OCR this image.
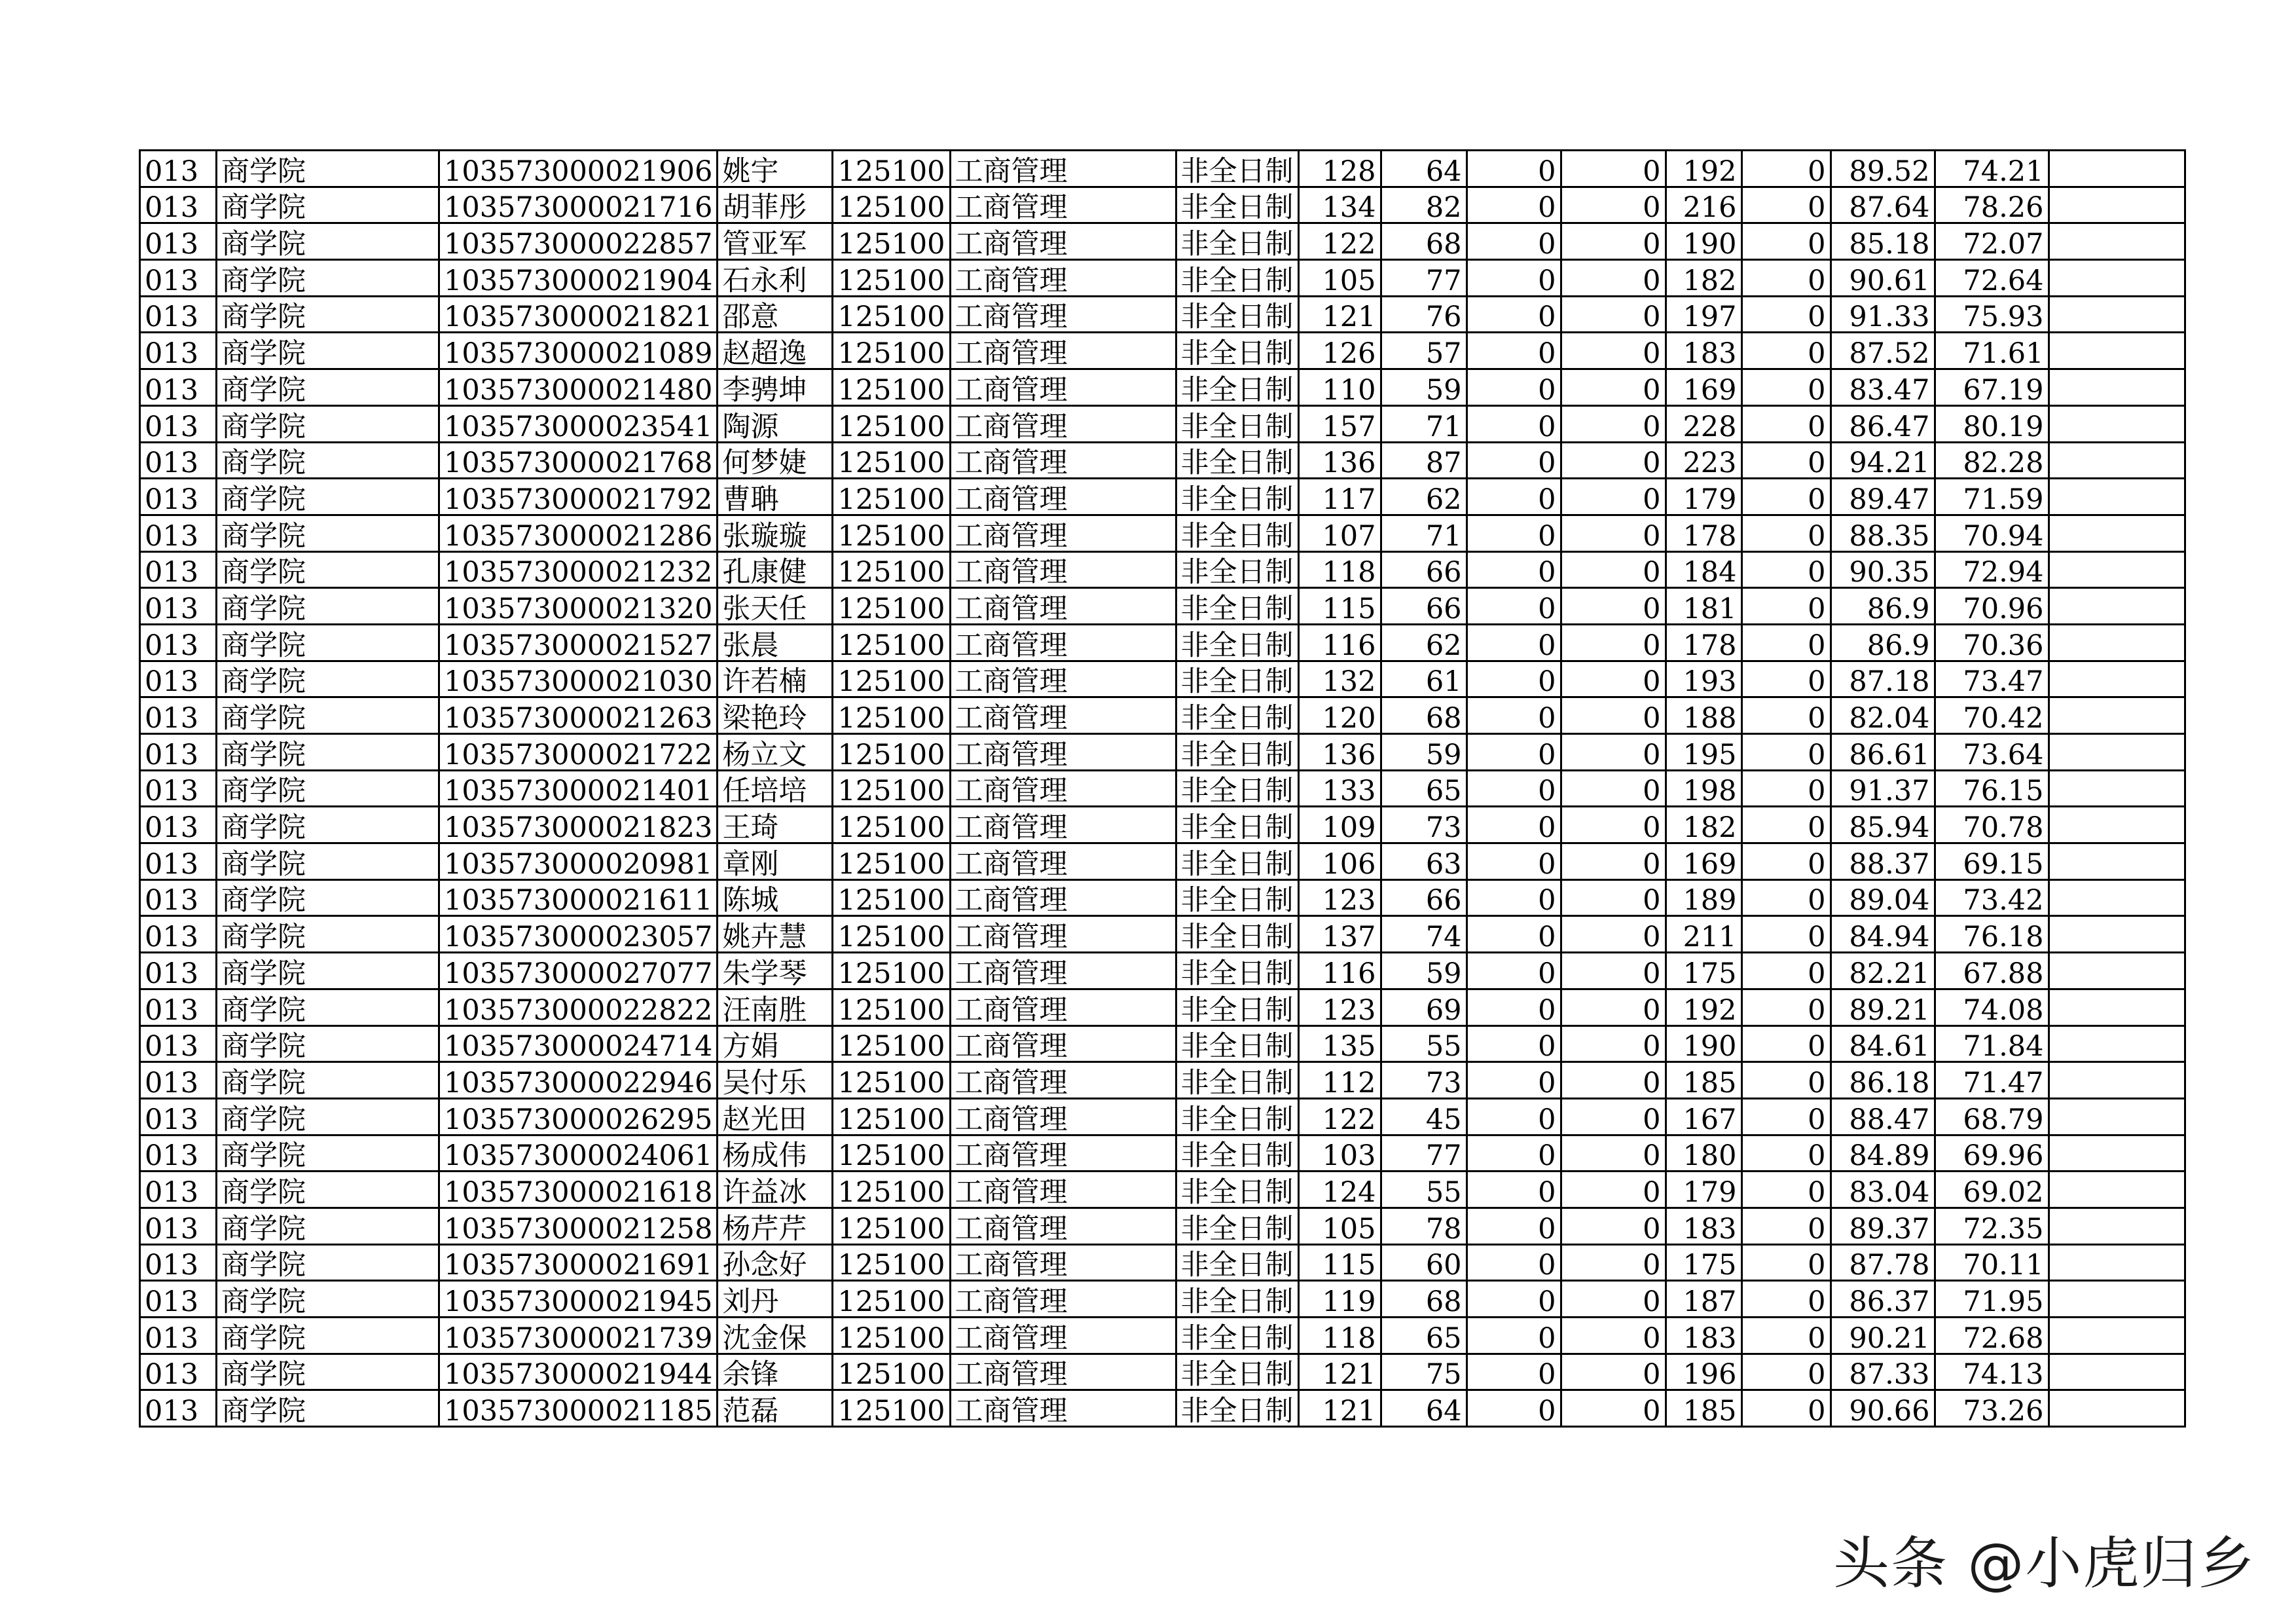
013	商学院	103573000021906	姚宇	125100	工商管理	非全日制	128	64	0	0	192	0	89.52	74.21	
013	商学院	103573000021716	胡菲彤	125100	工商管理	非全日制	134	82	0	0	216	0	87.64	78.26	
013	商学院	103573000022857	管亚军	125100	工商管理	非全日制	122	68	0	0	190	0	85.18	72.07	
013	商学院	103573000021904	石永利	125100	工商管理	非全日制	105	77	0	0	182	0	90.61	72.64	
013	商学院	103573000021821	邵意	125100	工商管理	非全日制	121	76	0	0	197	0	91.33	75.93	
013	商学院	103573000021089	赵超逸	125100	工商管理	非全日制	126	57	0	0	183	0	87.52	71.61	
013	商学院	103573000021480	李骋坤	125100	工商管理	非全日制	110	59	0	0	169	0	83.47	67.19	
013	商学院	103573000023541	陶源	125100	工商管理	非全日制	157	71	0	0	228	0	86.47	80.19	
013	商学院	103573000021768	何梦婕	125100	工商管理	非全日制	136	87	0	0	223	0	94.21	82.28	
013	商学院	103573000021792	曹聃	125100	工商管理	非全日制	117	62	0	0	179	0	89.47	71.59	
013	商学院	103573000021286	张璇璇	125100	工商管理	非全日制	107	71	0	0	178	0	88.35	70.94	
013	商学院	103573000021232	孔康健	125100	工商管理	非全日制	118	66	0	0	184	0	90.35	72.94	
013	商学院	103573000021320	张天任	125100	工商管理	非全日制	115	66	0	0	181	0	86.9	70.96	
013	商学院	103573000021527	张晨	125100	工商管理	非全日制	116	62	0	0	178	0	86.9	70.36	
013	商学院	103573000021030	许若楠	125100	工商管理	非全日制	132	61	0	0	193	0	87.18	73.47	
013	商学院	103573000021263	梁艳玲	125100	工商管理	非全日制	120	68	0	0	188	0	82.04	70.42	
013	商学院	103573000021722	杨立文	125100	工商管理	非全日制	136	59	0	0	195	0	86.61	73.64	
013	商学院	103573000021401	任培培	125100	工商管理	非全日制	133	65	0	0	198	0	91.37	76.15	
013	商学院	103573000021823	王琦	125100	工商管理	非全日制	109	73	0	0	182	0	85.94	70.78	
013	商学院	103573000020981	章刚	125100	工商管理	非全日制	106	63	0	0	169	0	88.37	69.15	
013	商学院	103573000021611	陈城	125100	工商管理	非全日制	123	66	0	0	189	0	89.04	73.42	
013	商学院	103573000023057	姚卉慧	125100	工商管理	非全日制	137	74	0	0	211	0	84.94	76.18	
013	商学院	103573000027077	朱学琴	125100	工商管理	非全日制	116	59	0	0	175	0	82.21	67.88	
013	商学院	103573000022822	汪南胜	125100	工商管理	非全日制	123	69	0	0	192	0	89.21	74.08	
013	商学院	103573000024714	方娟	125100	工商管理	非全日制	135	55	0	0	190	0	84.61	71.84	
013	商学院	103573000022946	吴付乐	125100	工商管理	非全日制	112	73	0	0	185	0	86.18	71.47	
013	商学院	103573000026295	赵光田	125100	工商管理	非全日制	122	45	0	0	167	0	88.47	68.79	
013	商学院	103573000024061	杨成伟	125100	工商管理	非全日制	103	77	0	0	180	0	84.89	69.96	
013	商学院	103573000021618	许益冰	125100	工商管理	非全日制	124	55	0	0	179	0	83.04	69.02	
013	商学院	103573000021258	杨芹芹	125100	工商管理	非全日制	105	78	0	0	183	0	89.37	72.35	
013	商学院	103573000021691	孙念好	125100	工商管理	非全日制	115	60	0	0	175	0	87.78	70.11	
013	商学院	103573000021945	刘丹	125100	工商管理	非全日制	119	68	0	0	187	0	86.37	71.95	
013	商学院	103573000021739	沈金保	125100	工商管理	非全日制	118	65	0	0	183	0	90.21	72.68	
013	商学院	103573000021944	余锋	125100	工商管理	非全日制	121	75	0	0	196	0	87.33	74.13	
013	商学院	103573000021185	范磊	125100	工商管理	非全日制	121	64	0	0	185	0	90.66	73.26	
头条 @小虎归乡
